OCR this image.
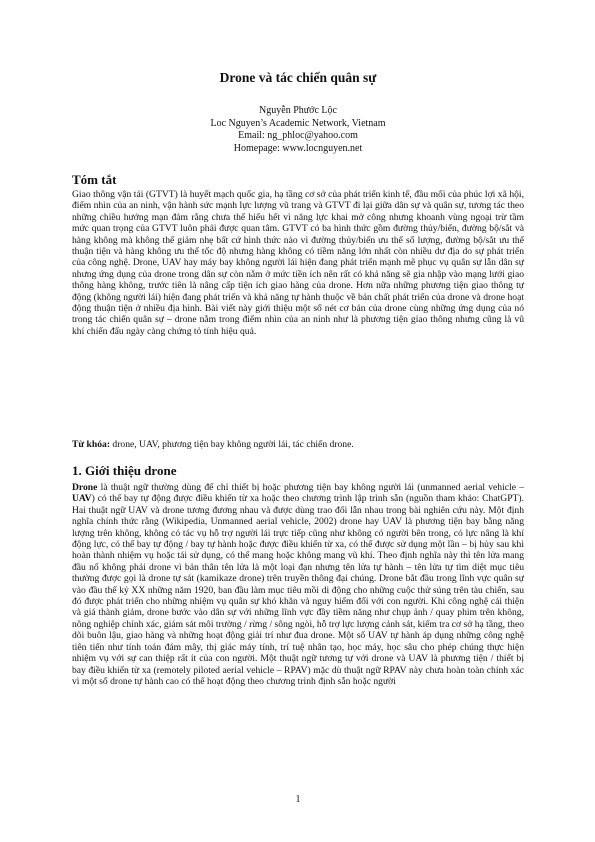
Drone và tác chiến quân sự
Nguyễn Phước Lộc
Loc Nguyen’s Academic Network, Vietnam
Email: ng_phloc@yahoo.com
Homepage: www.locnguyen.net
Tóm tắt

Giao thông vận tải (GTVT) là huyết mạch quốc gia, hạ tầng cơ sở của phát triển kinh tế, đầu mối của phúc lợi xã hội, điểm nhìn của an ninh, vận hành sức mạnh lực lượng vũ trang và GTVT đi lại giữa dân sự và quân sự, tương tác theo những chiều hướng mạn đảm rằng chưa thể hiểu hết vì năng lực khai mở công nhưng khoanh vùng ngoại trừ tầm mức quan trọng của GTVT luôn phải được quan tâm. GTVT có ba hình thức gồm đường thủy/biển, đường bộ/sắt và hàng không mà không thể giảm nhẹ bất cứ hình thức nào vì đường thủy/biển ưu thế số lượng, đường bộ/sắt ưu thế thuận tiện và hàng không ưu thế tốc độ nhưng hàng không có tiềm năng lớn nhất còn nhiều dư địa do sự phát triển của công nghệ. Drone, UAV hay máy bay không người lái hiện đang phát triển mạnh mẽ phục vụ quân sự lẫn dân sự nhưng ứng dụng của drone trong dân sự còn nằm ở mức tiền ích nên rất có khả năng sẽ gia nhập vào mạng lưới giao thông hàng không, trước tiên là nâng cấp tiện ích giao hàng của drone. Hơn nữa những phương tiện giao thông tự động (không người lái) hiện đang phát triển và khả năng tự hành thuộc về bản chất phát triển của drone và drone hoạt động thuận tiện ở nhiều địa hình. Bài viết này giới thiệu một số nét cơ bản của drone cùng những ứng dụng của nó trong tác chiến quân sự – drone nằm trong điểm nhìn của an ninh như là phương tiện giao thông nhưng cũng là vũ khí chiến đấu ngày càng chứng tỏ tính hiệu quả.

Từ khóa: drone, UAV, phương tiện bay không người lái, tác chiến drone.

1. Giới thiệu drone

Drone là thuật ngữ thường dùng để chỉ thiết bị hoặc phương tiện bay không người lái (unmanned aerial vehicle – UAV) có thể bay tự động được điều khiển từ xa hoặc theo chương trình lập trình sẵn (nguồn tham khảo: ChatGPT). Hai thuật ngữ UAV và drone tương đương nhau và được dùng trao đổi lẫn nhau trong bài nghiên cứu này. Một định nghĩa chính thức rằng (Wikipedia, Unmanned aerial vehicle, 2002) drone hay UAV là phương tiện bay bằng năng lượng trên không, không có tác vụ hỗ trợ người lái trực tiếp cũng như không có người bên trong, có lực nâng là khí động lực, có thể bay tự động / bay tự hành hoặc được điều khiển từ xa, có thể được sử dụng một lần – bị hủy sau khi hoàn thành nhiệm vụ hoặc tái sử dụng, có thể mang hoặc không mang vũ khí. Theo định nghĩa này thì tên lửa mang đầu nổ không phải drone vì bản thân tên lửa là một loại đạn nhưng tên lửa tự hành – tên lửa tự tìm diệt mục tiêu thường được gọi là drone tự sát (kamikaze drone) trên truyền thông đại chúng. Drone bắt đầu trong lĩnh vực quân sự vào đầu thế kỷ XX những năm 1920, ban đầu làm mục tiêu mồi di động cho những cuộc thử súng trên tàu chiến, sau đó được phát triển cho những nhiệm vụ quân sự khó khăn và nguy hiểm đối với con người. Khi công nghệ cải thiện và giá thành giảm, drone bước vào dân sự với những lĩnh vực đầy tiềm năng như chụp ảnh / quay phim trên không, nông nghiệp chính xác, giám sát môi trường / rừng / sông ngòi, hỗ trợ lực lượng cảnh sát, kiểm tra cơ sở hạ tầng, theo dõi buôn lậu, giao hàng và những hoạt động giải trí như đua drone. Một số UAV tự hành áp dụng những công nghệ tiên tiến như tính toán đám mây, thị giác máy tính, trí tuệ nhân tạo, học máy, học sâu cho phép chúng thực hiện nhiệm vụ với sự can thiệp rất ít của con người. Một thuật ngữ tương tự với drone và UAV là phương tiện / thiết bị bay điều khiển từ xa (remotely piloted aerial vehicle – RPAV) mặc dù thuật ngữ RPAV này chưa hoàn toàn chính xác vì một số drone tự hành cao có thể hoạt động theo chương trình định sẵn hoặc người

1
